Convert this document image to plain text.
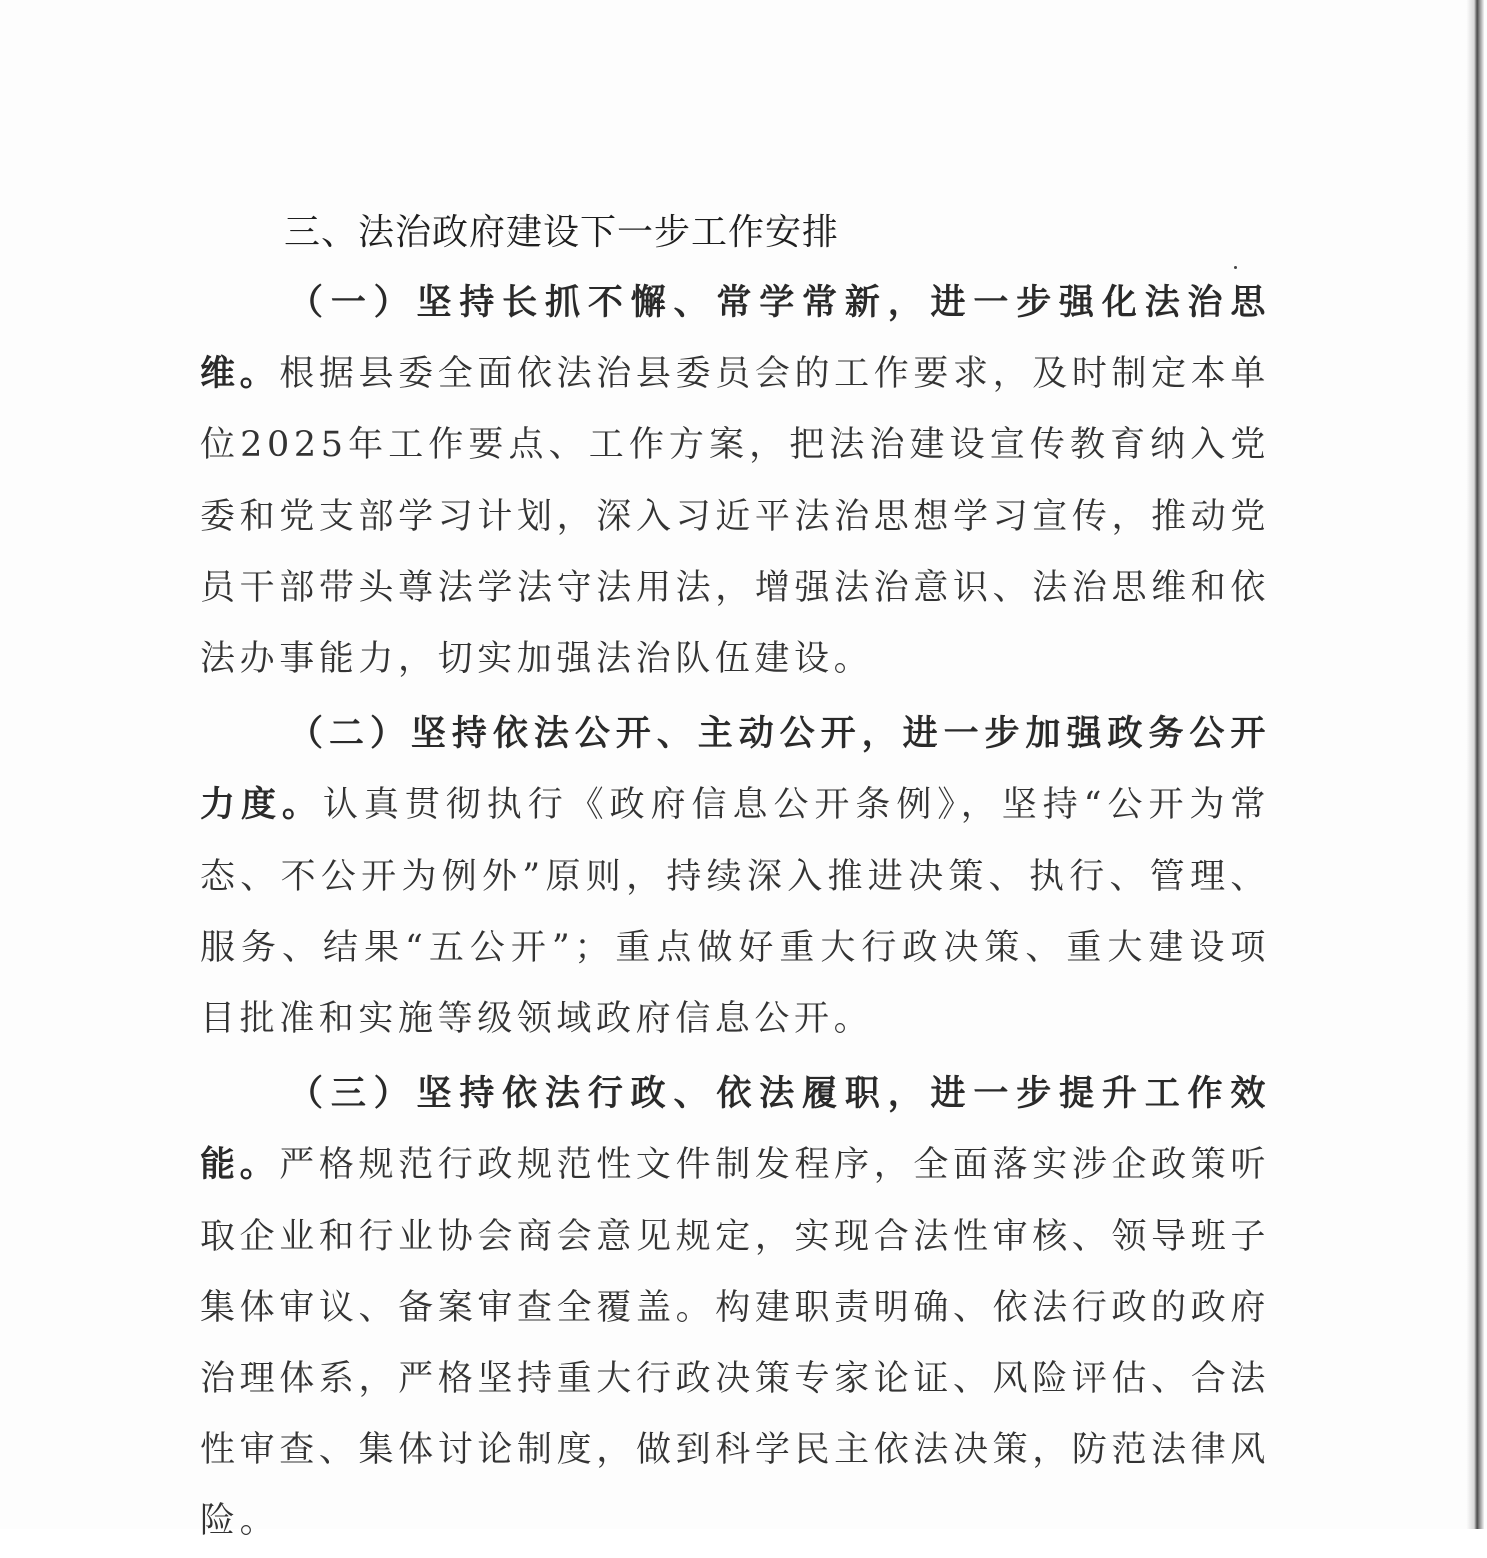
三、法治政府建设下一步工作安排

（一）坚持长抓不懈、常学常新，进一步强化法治思维。根据县委全面依法治县委员会的工作要求，及时制定本单位2025年工作要点、工作方案，把法治建设宣传教育纳入党委和党支部学习计划，深入习近平法治思想学习宣传，推动党员干部带头尊法学法守法用法，增强法治意识、法治思维和依法办事能力，切实加强法治队伍建设。

（二）坚持依法公开、主动公开，进一步加强政务公开力度。认真贯彻执行《政府信息公开条例》，坚持“公开为常态、不公开为例外”原则，持续深入推进决策、执行、管理、服务、结果“五公开”；重点做好重大行政决策、重大建设项目批准和实施等级领域政府信息公开。

（三）坚持依法行政、依法履职，进一步提升工作效能。严格规范行政规范性文件制发程序，全面落实涉企政策听取企业和行业协会商会意见规定，实现合法性审核、领导班子集体审议、备案审查全覆盖。构建职责明确、依法行政的政府治理体系，严格坚持重大行政决策专家论证、风险评估、合法性审查、集体讨论制度，做到科学民主依法决策，防范法律风险。
